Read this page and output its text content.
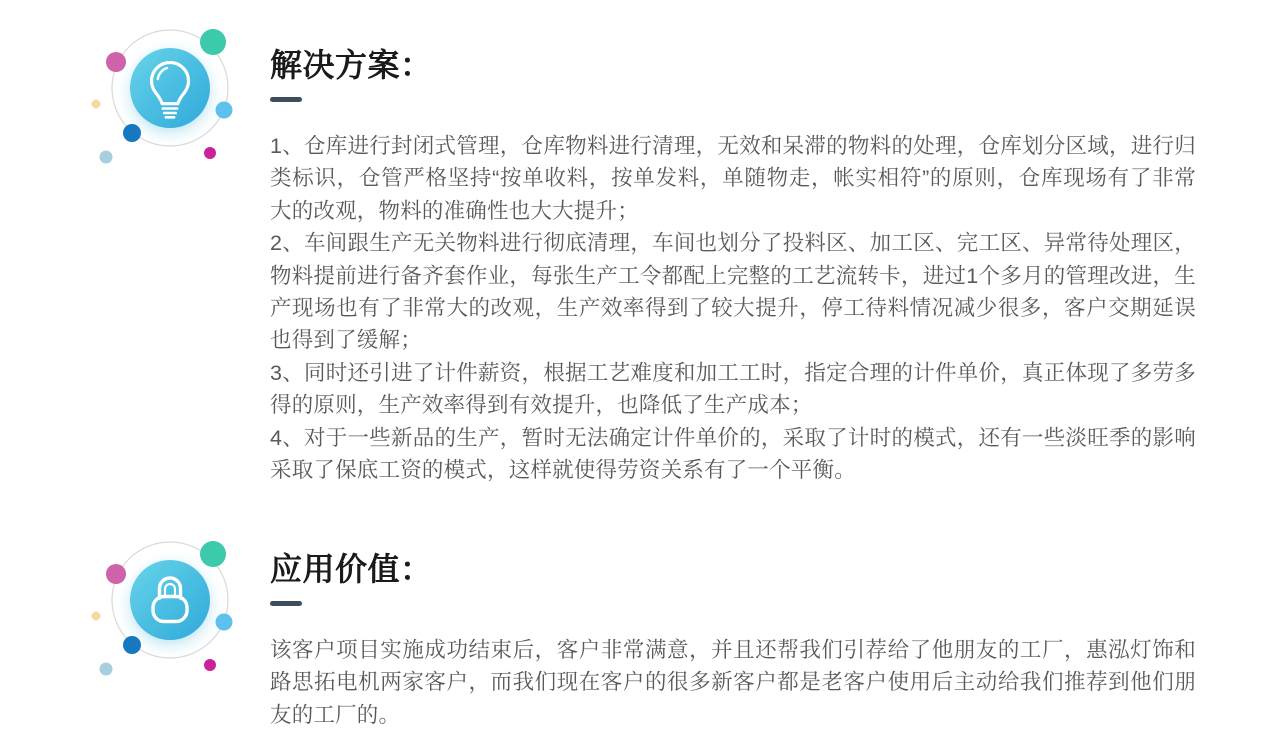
解决方案：

1、仓库进行封闭式管理，仓库物料进行清理，无效和呆滞的物料的处理，仓库划分区域，进行归类标识，仓管严格坚持“按单收料，按单发料，单随物走，帐实相符”的原则，仓库现场有了非常大的改观，物料的准确性也大大提升；

2、车间跟生产无关物料进行彻底清理，车间也划分了投料区、加工区、完工区、异常待处理区，物料提前进行备齐套作业，每张生产工令都配上完整的工艺流转卡，进过1个多月的管理改进，生产现场也有了非常大的改观，生产效率得到了较大提升，停工待料情况减少很多，客户交期延误也得到了缓解；

3、同时还引进了计件薪资，根据工艺难度和加工工时，指定合理的计件单价，真正体现了多劳多得的原则，生产效率得到有效提升，也降低了生产成本；

4、对于一些新品的生产，暂时无法确定计件单价的，采取了计时的模式，还有一些淡旺季的影响采取了保底工资的模式，这样就使得劳资关系有了一个平衡。

应用价值：

该客户项目实施成功结束后，客户非常满意，并且还帮我们引荐给了他朋友的工厂，惠泓灯饰和路思拓电机两家客户，而我们现在客户的很多新客户都是老客户使用后主动给我们推荐到他们朋友的工厂的。
